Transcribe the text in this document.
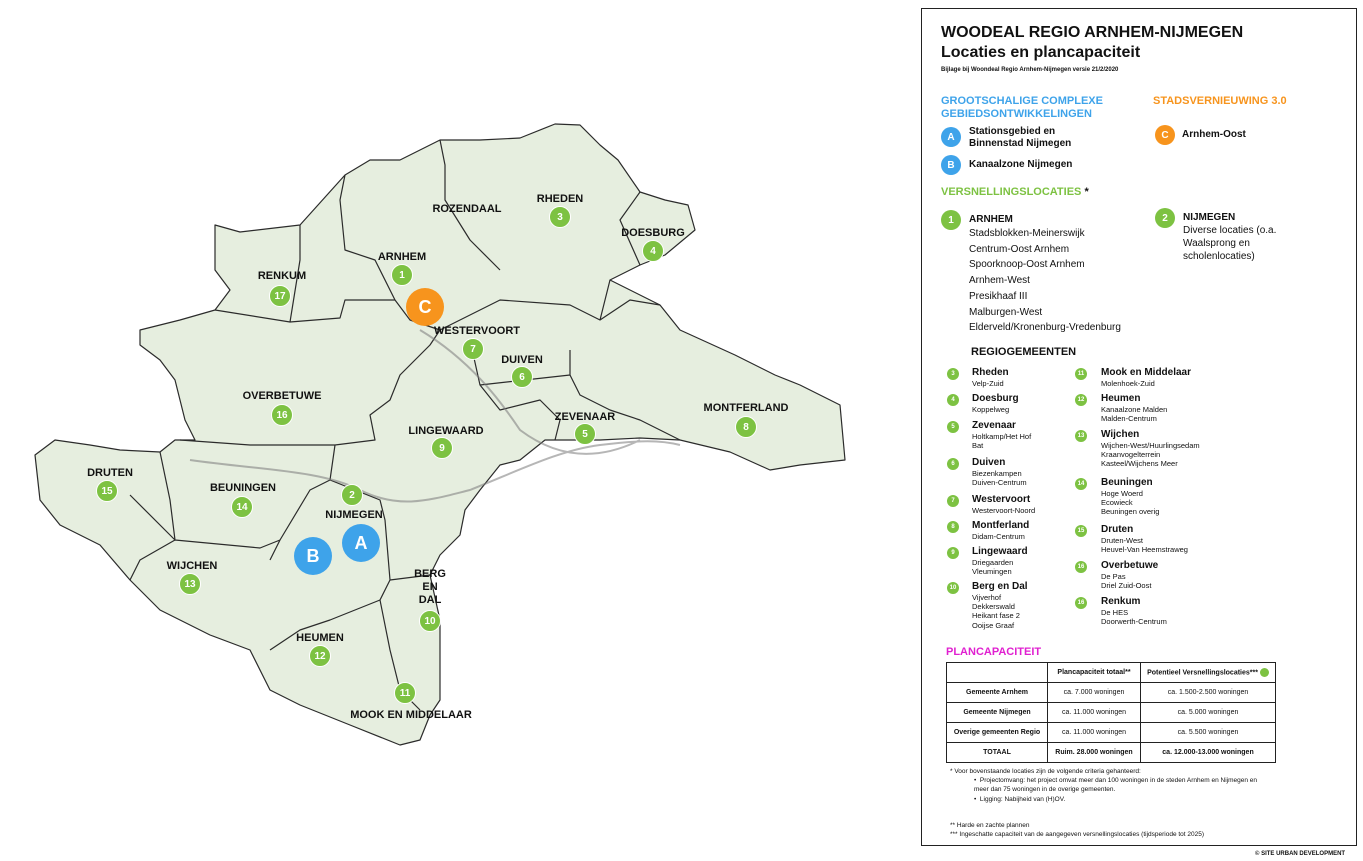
ROZENDAAL
RHEDEN
DOESBURG
ARNHEM
RENKUM
WESTERVOORT
DUIVEN
OVERBETUWE
MONTFERLAND
ZEVENAAR
LINGEWAARD
DRUTEN
BEUNINGEN
NIJMEGEN
WIJCHEN
BERG
EN
DAL
HEUMEN
MOOK EN MIDDELAAR
1
2
3
4
5
6
7
8
9
10
11
12
13
14
15
16
17
A
B
C
WOODEAL REGIO ARNHEM-NIJMEGEN
Locaties en plancapaciteit
Bijlage bij Woondeal Regio Arnhem-Nijmegen versie 21/2/2020
GROOTSCHALIGE COMPLEXE GEBIEDSONTWIKKELINGEN
STADSVERNIEUWING 3.0
A	Stationsgebied en Binnenstad Nijmegen
B	Kanaalzone Nijmegen
C	Arnhem-Oost
VERSNELLINGSLOCATIES *
1	ARNHEM
Stadsblokken-Meinerswijk
Centrum-Oost Arnhem
Spoorknoop-Oost Arnhem
Arnhem-West
Presikhaaf III
Malburgen-West
Elderveld/Kronenburg-Vredenburg
2	NIJMEGEN
Diverse locaties (o.a. Waalsprong en scholenlocaties)
REGIOGEMEENTEN
3	Rheden
Velp-Zuid
4	Doesburg
Koppelweg
5	Zevenaar
Holtkamp/Het Hof
Bat
6	Duiven
Biezenkampen
Duiven-Centrum
7	Westervoort
Westervoort-Noord
8	Montferland
Didam-Centrum
9	Lingewaard
Driegaarden
Vleumingen
10 Berg en Dal
Vijverhof
Dekkerswald
Heikant fase 2
Ooijse Graaf
11 Mook en Middelaar
Molenhoek-Zuid
12 Heumen
Kanaalzone Malden
Malden-Centrum
13 Wijchen
Wijchen-West/Huurlingsedam
Kraanvogelterrein
Kasteel/Wijchens Meer
14 Beuningen
Hoge Woerd
Ecowieck
Beuningen overig
15 Druten
Druten-West
Heuvel-Van Heemstraweg
16 Overbetuwe
De Pas
Driel Zuid-Oost
16 Renkum
De HES
Doorwerth-Centrum
PLANCAPACITEIT
	Plancapaciteit totaal**	Potentieel Versnellingslocaties***
Gemeente Arnhem	ca. 7.000 woningen	ca. 1.500-2.500 woningen
Gemeente Nijmegen	ca. 11.000 woningen	ca. 5.000 woningen
Overige gemeenten Regio	ca. 11.000 woningen	ca. 5.500 woningen
TOTAAL	Ruim. 28.000 woningen	ca. 12.000-13.000 woningen
* Voor bovenstaande locaties zijn de volgende criteria gehanteerd:
•  Projectomvang: het project omvat meer dan 100 woningen in de steden Arnhem en Nijmegen en meer dan 75 woningen in de overige gemeenten.
•  Ligging: Nabijheid van (H)OV.
** Harde en zachte plannen
*** Ingeschatte capaciteit van de aangegeven versnellingslocaties (tijdsperiode tot 2025)
© SITE URBAN DEVELOPMENT
